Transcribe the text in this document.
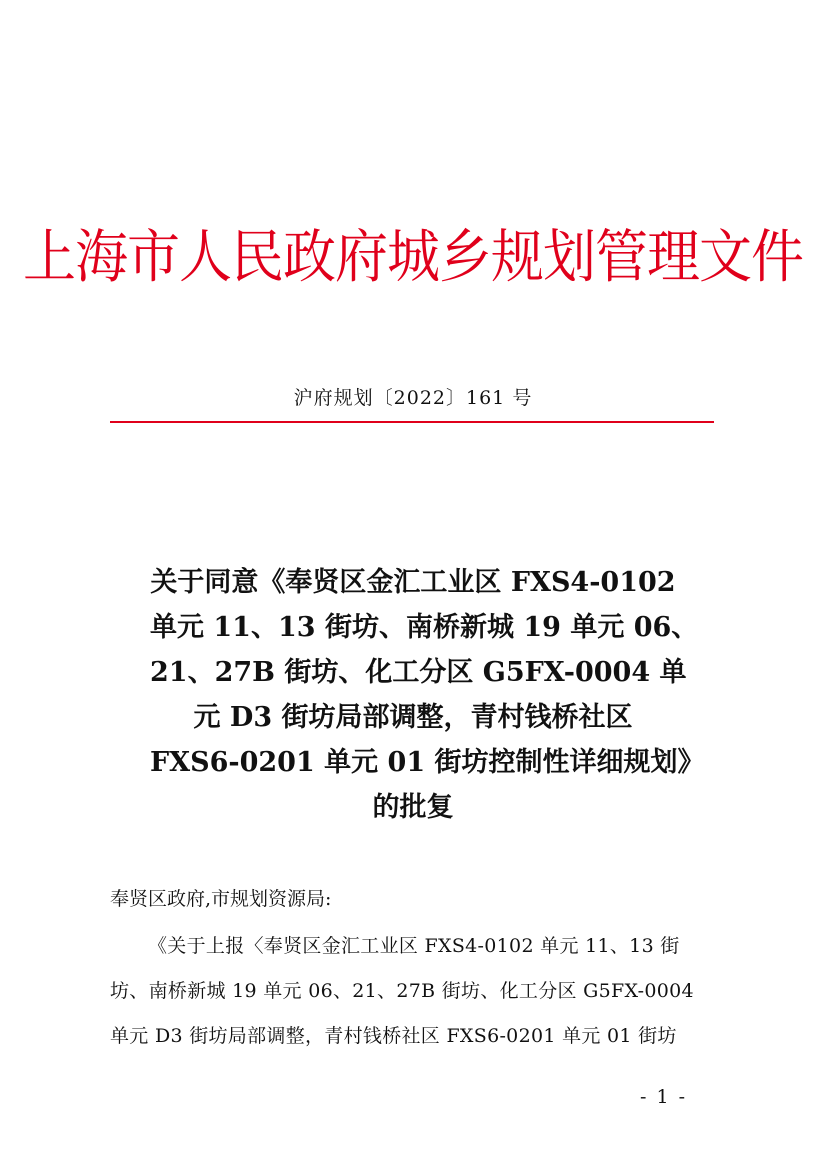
上海市人民政府城乡规划管理文件
沪府规划〔2022〕161 号
关于同意《奉贤区金汇工业区 FXS4-0102
单元 11、13 街坊、南桥新城 19 单元 06、
21、27B 街坊、化工分区 G5FX-0004 单
元 D3 街坊局部调整，青村钱桥社区
FXS6-0201 单元 01 街坊控制性详细规划》
的批复
奉贤区政府,市规划资源局:
《关于上报〈奉贤区金汇工业区 FXS4-0102 单元 11、13 街
坊、南桥新城 19 单元 06、21、27B 街坊、化工分区 G5FX-0004
单元 D3 街坊局部调整，青村钱桥社区 FXS6-0201 单元 01 街坊
- 1 -
